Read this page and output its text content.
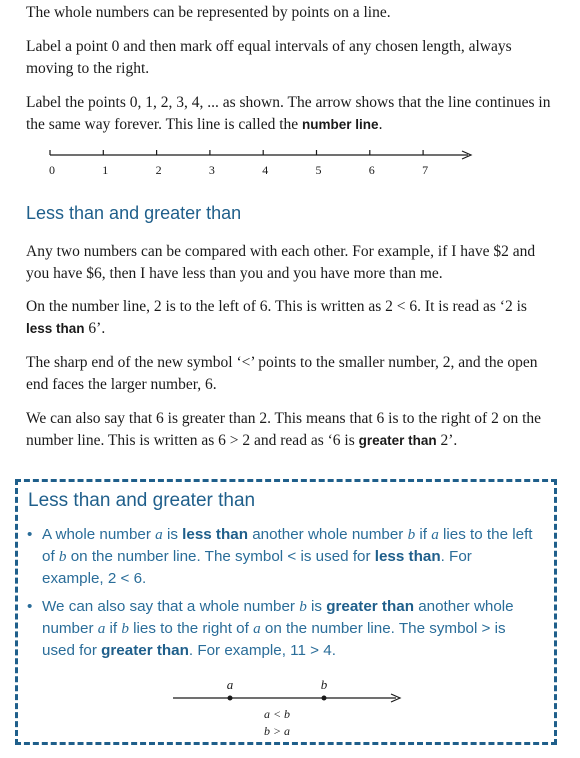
The whole numbers can be represented by points on a line.

Label a point 0 and then mark off equal intervals of any chosen length, always moving to the right.

Label the points 0, 1, 2, 3, 4, ... as shown. The arrow shows that the line continues in the same way forever. This line is called the number line.

0	1	2	3	4	5	6	7
Less than and greater than

Any two numbers can be compared with each other. For example, if I have $2 and you have $6, then I have less than you and you have more than me.

On the number line, 2 is to the left of 6. This is written as 2 < 6. It is read as ‘2 is less than 6’.

The sharp end of the new symbol ‘<’ points to the smaller number, 2, and the open end faces the larger number, 6.

We can also say that 6 is greater than 2. This means that 6 is to the right of 2 on the number line. This is written as 6 > 2 and read as ‘6 is greater than 2’.

Less than and greater than

• A whole number a is less than another whole number b if a lies to the left of b on the number line. The symbol < is used for less than. For example, 2 < 6.

• We can also say that a whole number b is greater than another whole number a if b lies to the right of a on the number line. The symbol > is used for greater than. For example, 11 > 4.

a	b
a < b
b > a
